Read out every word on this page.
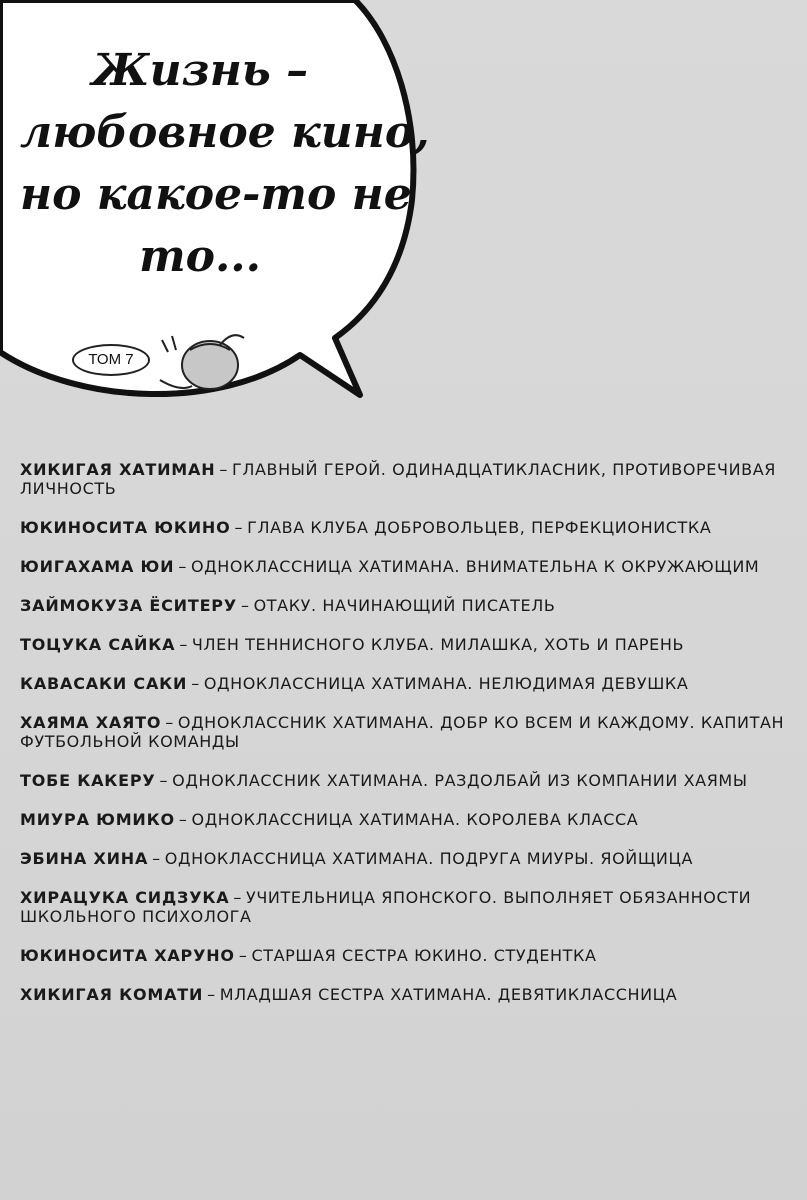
Жизнь –
любовное кино,
но какое-то не
то...
ТОМ 7
ХИКИГАЯ ХАТИМАН – ГЛАВНЫЙ ГЕРОЙ. ОДИНАДЦАТИКЛАСНИК, ПРОТИВОРЕЧИВАЯ ЛИЧНОСТЬ
ЮКИНОСИТА ЮКИНО – ГЛАВА КЛУБА ДОБРОВОЛЬЦЕВ, ПЕРФЕКЦИОНИСТКА
ЮИГАХАМА ЮИ – ОДНОКЛАССНИЦА ХАТИМАНА. ВНИМАТЕЛЬНА К ОКРУЖАЮЩИМ
ЗАЙМОКУЗА ЁСИТЕРУ – ОТАКУ. НАЧИНАЮЩИЙ ПИСАТЕЛЬ
ТОЦУКА САЙКА – ЧЛЕН ТЕННИСНОГО КЛУБА. МИЛАШКА, ХОТЬ И ПАРЕНЬ
КАВАСАКИ САКИ – ОДНОКЛАССНИЦА ХАТИМАНА. НЕЛЮДИМАЯ ДЕВУШКА
ХАЯМА ХАЯТО – ОДНОКЛАССНИК ХАТИМАНА. ДОБР КО ВСЕМ И КАЖДОМУ. КАПИТАН ФУТБОЛЬНОЙ КОМАНДЫ
ТОБЕ КАКЕРУ – ОДНОКЛАССНИК ХАТИМАНА. РАЗДОЛБАЙ ИЗ КОМПАНИИ ХАЯМЫ
МИУРА ЮМИКО – ОДНОКЛАССНИЦА ХАТИМАНА. КОРОЛЕВА КЛАССА
ЭБИНА ХИНА – ОДНОКЛАССНИЦА ХАТИМАНА. ПОДРУГА МИУРЫ. ЯОЙЩИЦА
ХИРАЦУКА СИДЗУКА – УЧИТЕЛЬНИЦА ЯПОНСКОГО. ВЫПОЛНЯЕТ ОБЯЗАННОСТИ ШКОЛЬНОГО ПСИХОЛОГА
ЮКИНОСИТА ХАРУНО – СТАРШАЯ СЕСТРА ЮКИНО. СТУДЕНТКА
ХИКИГАЯ КОМАТИ – МЛАДШАЯ СЕСТРА ХАТИМАНА. ДЕВЯТИКЛАССНИЦА
